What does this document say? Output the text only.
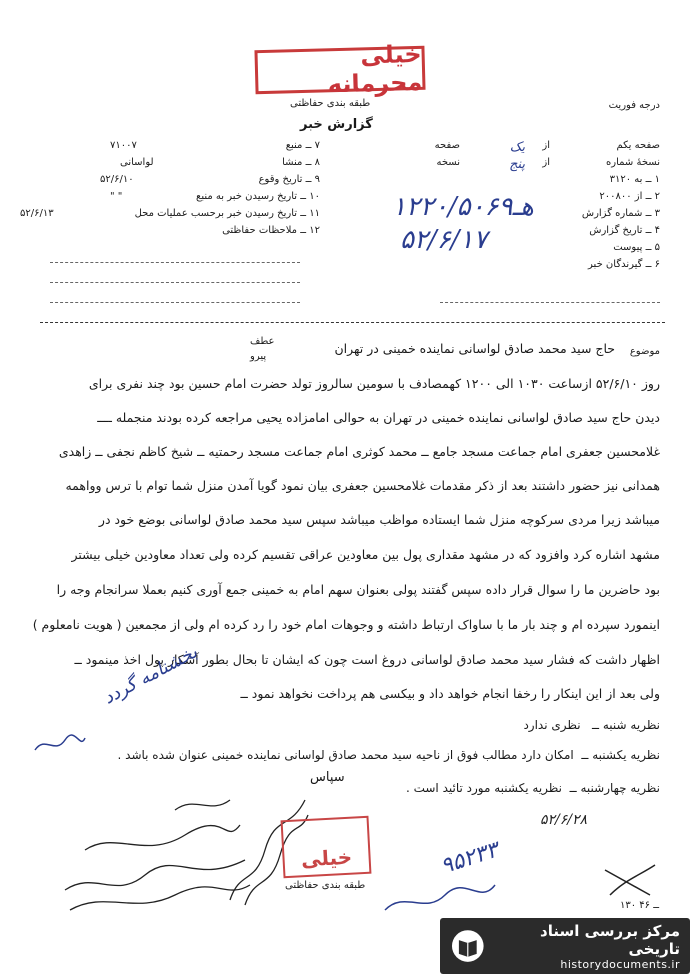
خیلی محرمانه
درجه فوریت
طبقه بندی حفاظتی
گزارش خبر
صفحه یکم
از
یک
صفحه
نسخهٔ شماره
از
پنج
نسخه
۱ ــ به ۳۱۲۰
۲ ــ از ۲۰۰۸۰۰
۳ ــ شماره گزارش
۴ ــ تاریخ گزارش
۵ ــ پیوست
۶ ــ گیرندگان خبر
۱۲هـ۲۰/۵۰۶۹
۵۲/۶/۱۷
۷ ــ منبع
۷۱۰۰۷
۸ ــ منشا
لواسانی
۹ ــ تاریخ وقوع
۵۲/۶/۱۰
۱۰ ــ تاریخ رسیدن خبر به منبع
" "
۱۱ ــ تاریخ رسیدن خبر برحسب عملیات محل
۵۲/۶/۱۳
۱۲ ــ ملاحظات حفاظتی
موضوع
حاج سید محمد صادق لواسانی نماینده خمینی در تهران
عطف
پیرو
روز ۵۲/۶/۱۰ ازساعت ۱۰۳۰ الی ۱۲۰۰ کهمصادف با سومین سالروز تولد حضرت امام حسین بود چند نفری برای
دیدن حاج سید صادق لواسانی نماینده خمینی در تهران به حوالی امامزاده یحیی مراجعه کرده بودند منجمله ــــ
غلامحسین جعفری امام جماعت مسجد جامع ــ محمد کوثری امام جماعت مسجد رحمتیه ــ شیخ کاظم نجفی ــ زاهدی
همدانی نیز حضور داشتند بعد از ذکر مقدمات غلامحسین جعفری بیان نمود گویا آمدن منزل شما توام با ترس وواهمه
میباشد زیرا مردی سرکوچه منزل شما ایستاده مواظب میباشد سپس سید محمد صادق لواسانی بوضع خود در
مشهد اشاره کرد وافزود که در مشهد مقداری پول بین معاودین عراقی تقسیم کرده ولی تعداد معاودین خیلی بیشتر
بود حاضرین ما را سوال قرار داده سپس گفتند پولی بعنوان سهم امام به خمینی جمع آوری کنیم بعملا سرانجام وجه را
اینمورد سپرده ام و چند بار ما با ساواک ارتباط داشته و وجوهات امام خود را رد کرده ام ولی از مجمعین ( هویت نامعلوم )
اظهار داشت که فشار سید محمد صادق لواسانی دروغ است چون که ایشان تا بحال بطور آشکار پول اخذ مینمود ــ
ولی بعد از این اینکار را رخفا انجام خواهد داد و بیکسی هم پرداخت نخواهد نمود ــ
بخشنامه گردد
نظریه شنبه ــ   نظری ندارد
نظریه یکشنبه ــ  امکان دارد مطالب فوق از ناحیه سید محمد صادق لواسانی نماینده خمینی عنوان شده باشد .
نظریه چهارشنبه ــ  نظریه یکشنبه مورد تائید است .
سپاس
خیلی
طبقه بندی حفاظتی
۹۵۲۳۳
۵۲/۶/۲۸
۱۳۰ ــ ۴۶
مرکز بررسی اسناد تاریخی
historydocuments.ir
